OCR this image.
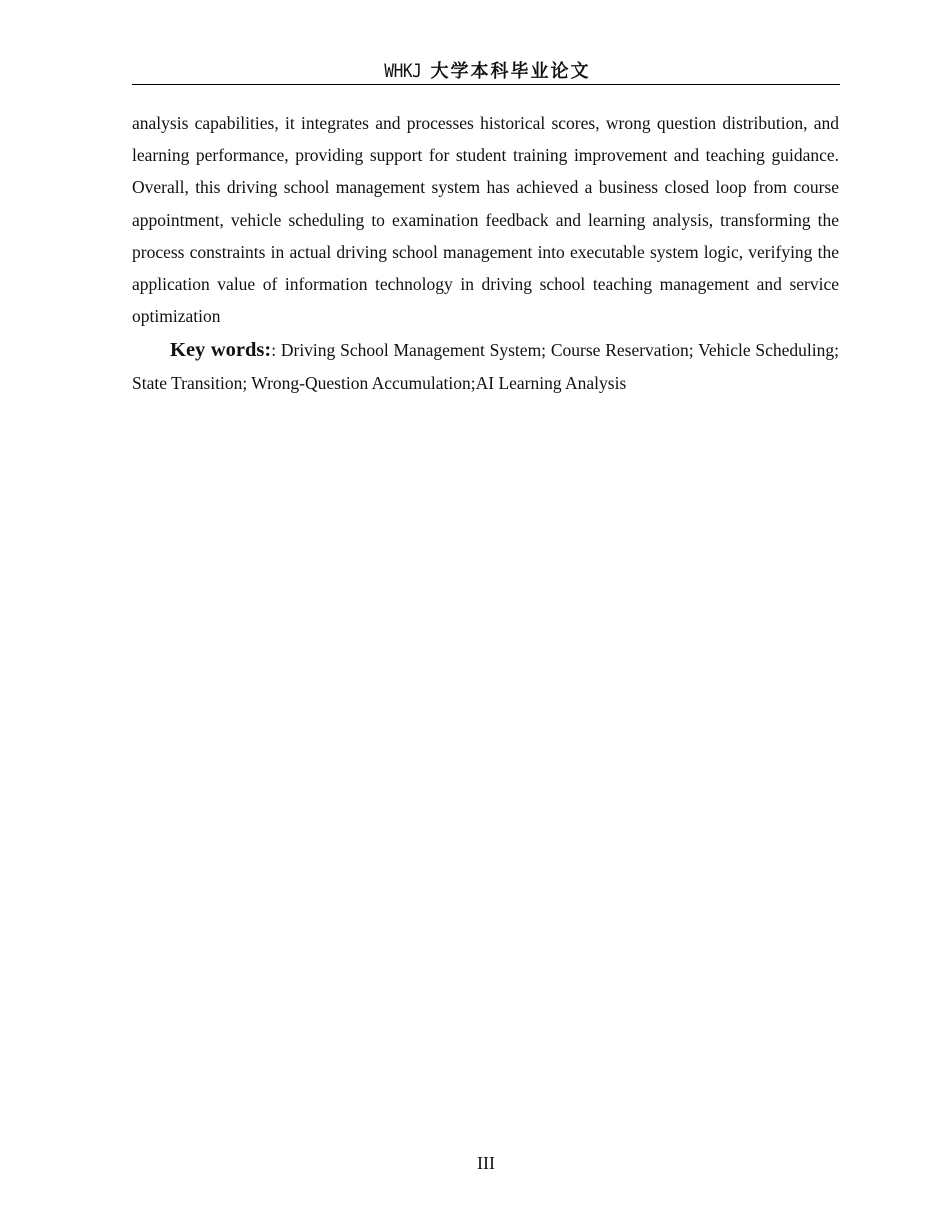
WHKJ 大学本科毕业论文

analysis capabilities, it integrates and processes historical scores, wrong question distribution, and learning performance, providing support for student training improvement and teaching guidance. Overall, this driving school management system has achieved a business closed loop from course appointment, vehicle scheduling to examination feedback and learning analysis, transforming the process constraints in actual driving school management into executable system logic, verifying the application value of information technology in driving school teaching management and service optimization

Key words:: Driving School Management System; Course Reservation; Vehicle Scheduling; State Transition; Wrong-Question Accumulation;AI Learning Analysis

III
